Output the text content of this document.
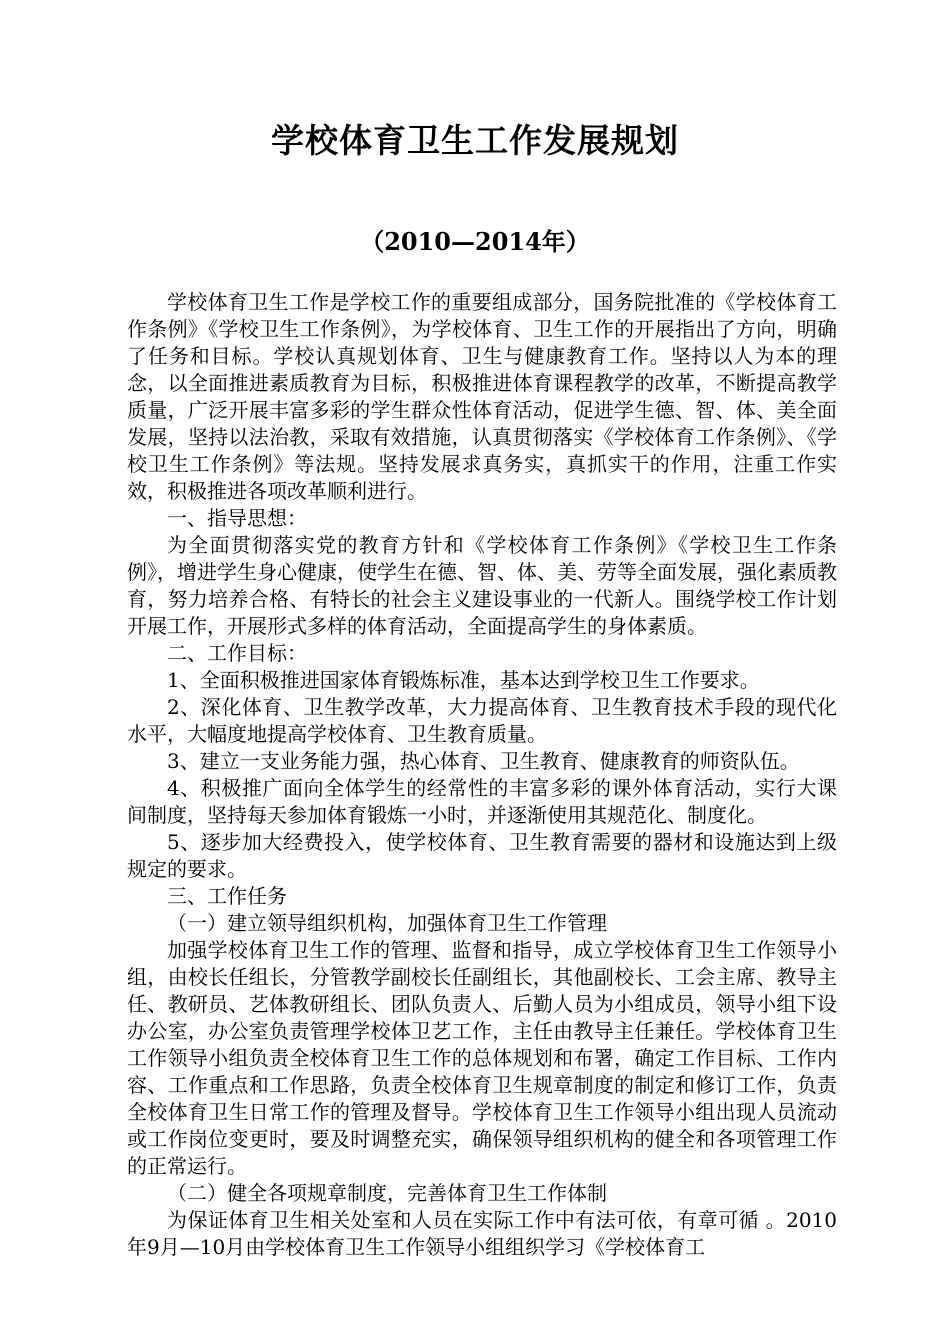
学校体育卫生工作发展规划
（2010—2014年）

学校体育卫生工作是学校工作的重要组成部分，国务院批准的《学校体育工作条例》《学校卫生工作条例》，为学校体育、卫生工作的开展指出了方向，明确了任务和目标。学校认真规划体育、卫生与健康教育工作。坚持以人为本的理念，以全面推进素质教育为目标，积极推进体育课程教学的改革，不断提高教学质量，广泛开展丰富多彩的学生群众性体育活动，促进学生德、智、体、美全面发展，坚持以法治教，采取有效措施，认真贯彻落实《学校体育工作条例》、《学校卫生工作条例》等法规。坚持发展求真务实，真抓实干的作用，注重工作实效，积极推进各项改革顺利进行。

一、指导思想：

为全面贯彻落实党的教育方针和《学校体育工作条例》《学校卫生工作条例》，增进学生身心健康，使学生在德、智、体、美、劳等全面发展，强化素质教育，努力培养合格、有特长的社会主义建设事业的一代新人。围绕学校工作计划开展工作，开展形式多样的体育活动，全面提高学生的身体素质。

二、工作目标：

1、全面积极推进国家体育锻炼标准，基本达到学校卫生工作要求。

2、深化体育、卫生教学改革，大力提高体育、卫生教育技术手段的现代化水平，大幅度地提高学校体育、卫生教育质量。

3、建立一支业务能力强，热心体育、卫生教育、健康教育的师资队伍。

4、积极推广面向全体学生的经常性的丰富多彩的课外体育活动，实行大课间制度，坚持每天参加体育锻炼一小时，并逐渐使用其规范化、制度化。

5、逐步加大经费投入，使学校体育、卫生教育需要的器材和设施达到上级规定的要求。

三、工作任务

（一）建立领导组织机构，加强体育卫生工作管理

加强学校体育卫生工作的管理、监督和指导，成立学校体育卫生工作领导小组，由校长任组长，分管教学副校长任副组长，其他副校长、工会主席、教导主任、教研员、艺体教研组长、团队负责人、后勤人员为小组成员，领导小组下设办公室，办公室负责管理学校体卫艺工作，主任由教导主任兼任。学校体育卫生工作领导小组负责全校体育卫生工作的总体规划和布署，确定工作目标、工作内容、工作重点和工作思路，负责全校体育卫生规章制度的制定和修订工作，负责全校体育卫生日常工作的管理及督导。学校体育卫生工作领导小组出现人员流动或工作岗位变更时，要及时调整充实，确保领导组织机构的健全和各项管理工作的正常运行。

（二）健全各项规章制度，完善体育卫生工作体制

为保证体育卫生相关处室和人员在实际工作中有法可依，有章可循 。2010年9月—10月由学校体育卫生工作领导小组组织学习《学校体育工
